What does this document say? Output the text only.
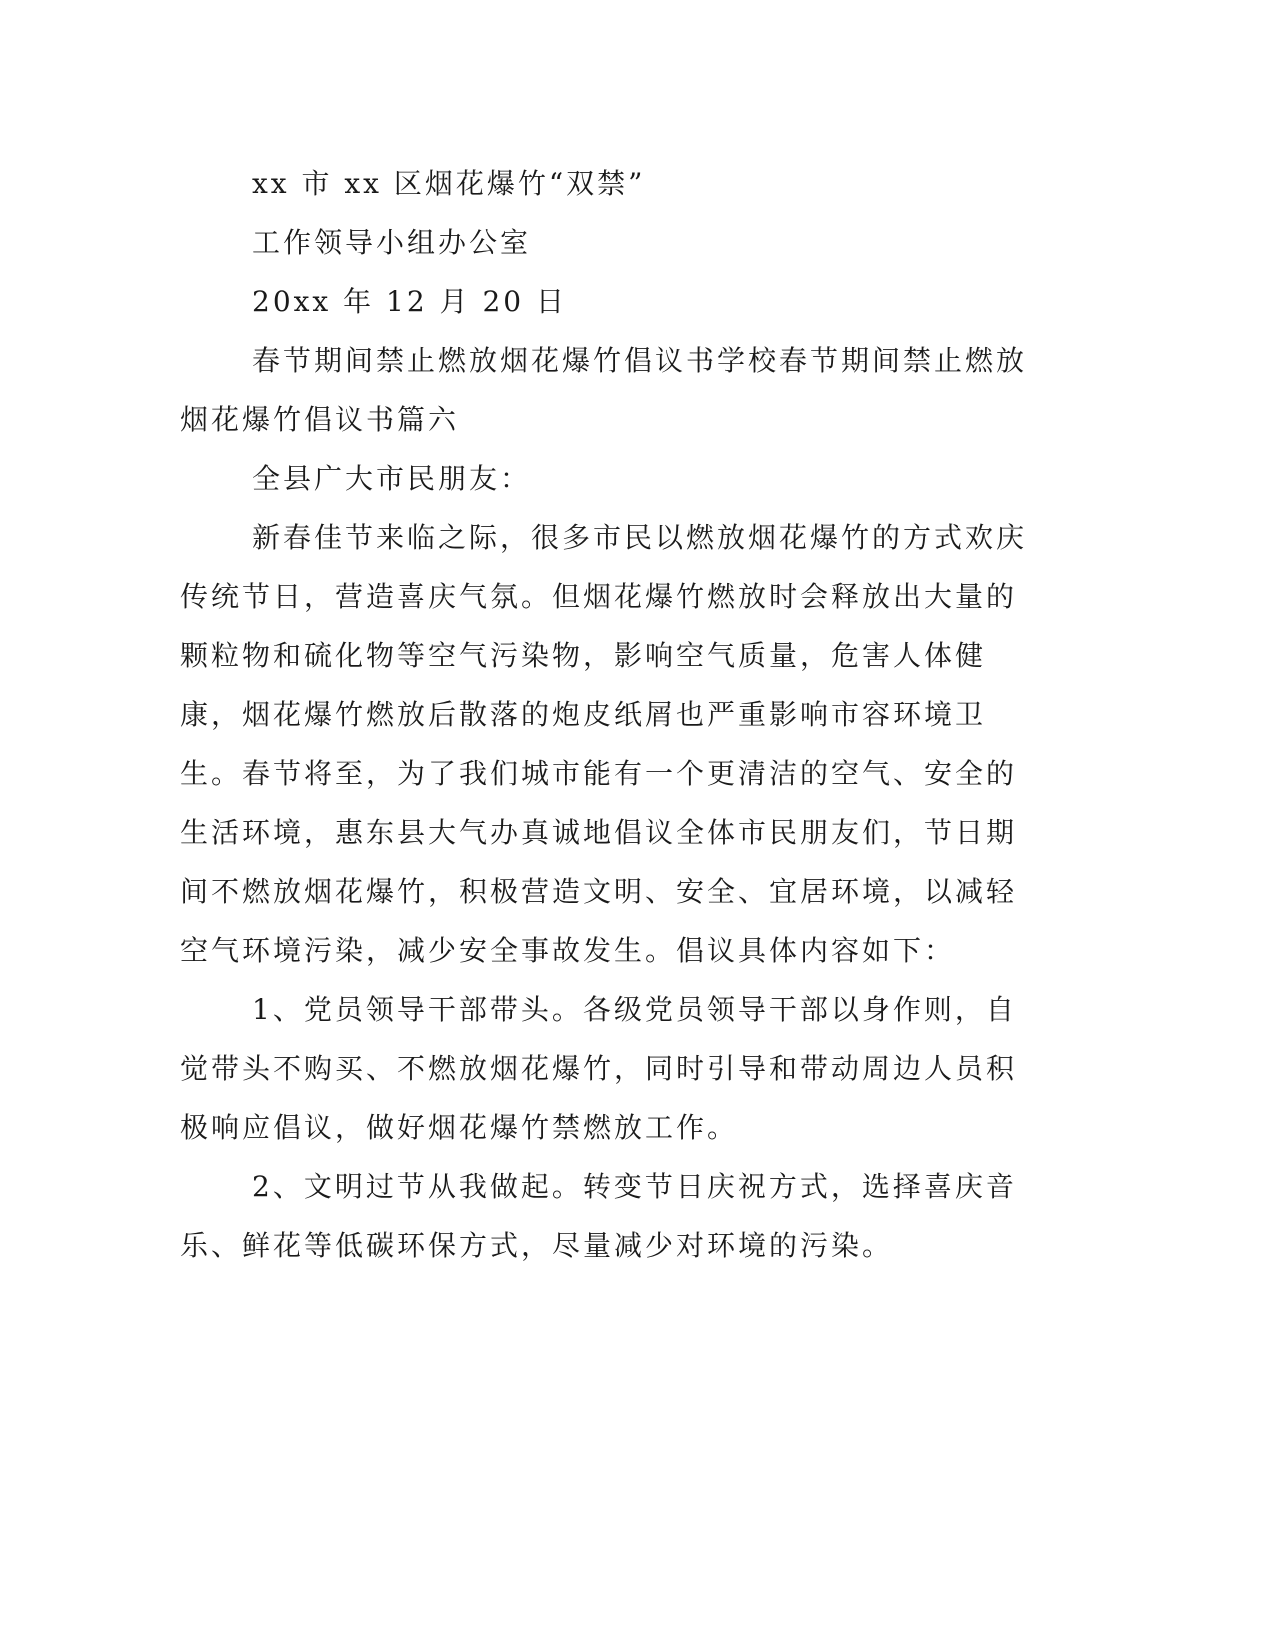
xx 市 xx 区烟花爆竹“双禁”

工作领导小组办公室

20xx 年 12 月 20 日

春节期间禁止燃放烟花爆竹倡议书学校春节期间禁止燃放烟花爆竹倡议书篇六

全县广大市民朋友：

新春佳节来临之际，很多市民以燃放烟花爆竹的方式欢庆传统节日，营造喜庆气氛。但烟花爆竹燃放时会释放出大量的颗粒物和硫化物等空气污染物，影响空气质量，危害人体健康，烟花爆竹燃放后散落的炮皮纸屑也严重影响市容环境卫生。春节将至，为了我们城市能有一个更清洁的空气、安全的生活环境，惠东县大气办真诚地倡议全体市民朋友们，节日期间不燃放烟花爆竹，积极营造文明、安全、宜居环境，以减轻空气环境污染，减少安全事故发生。倡议具体内容如下：

1、党员领导干部带头。各级党员领导干部以身作则，自觉带头不购买、不燃放烟花爆竹，同时引导和带动周边人员积极响应倡议，做好烟花爆竹禁燃放工作。

2、文明过节从我做起。转变节日庆祝方式，选择喜庆音乐、鲜花等低碳环保方式，尽量减少对环境的污染。
